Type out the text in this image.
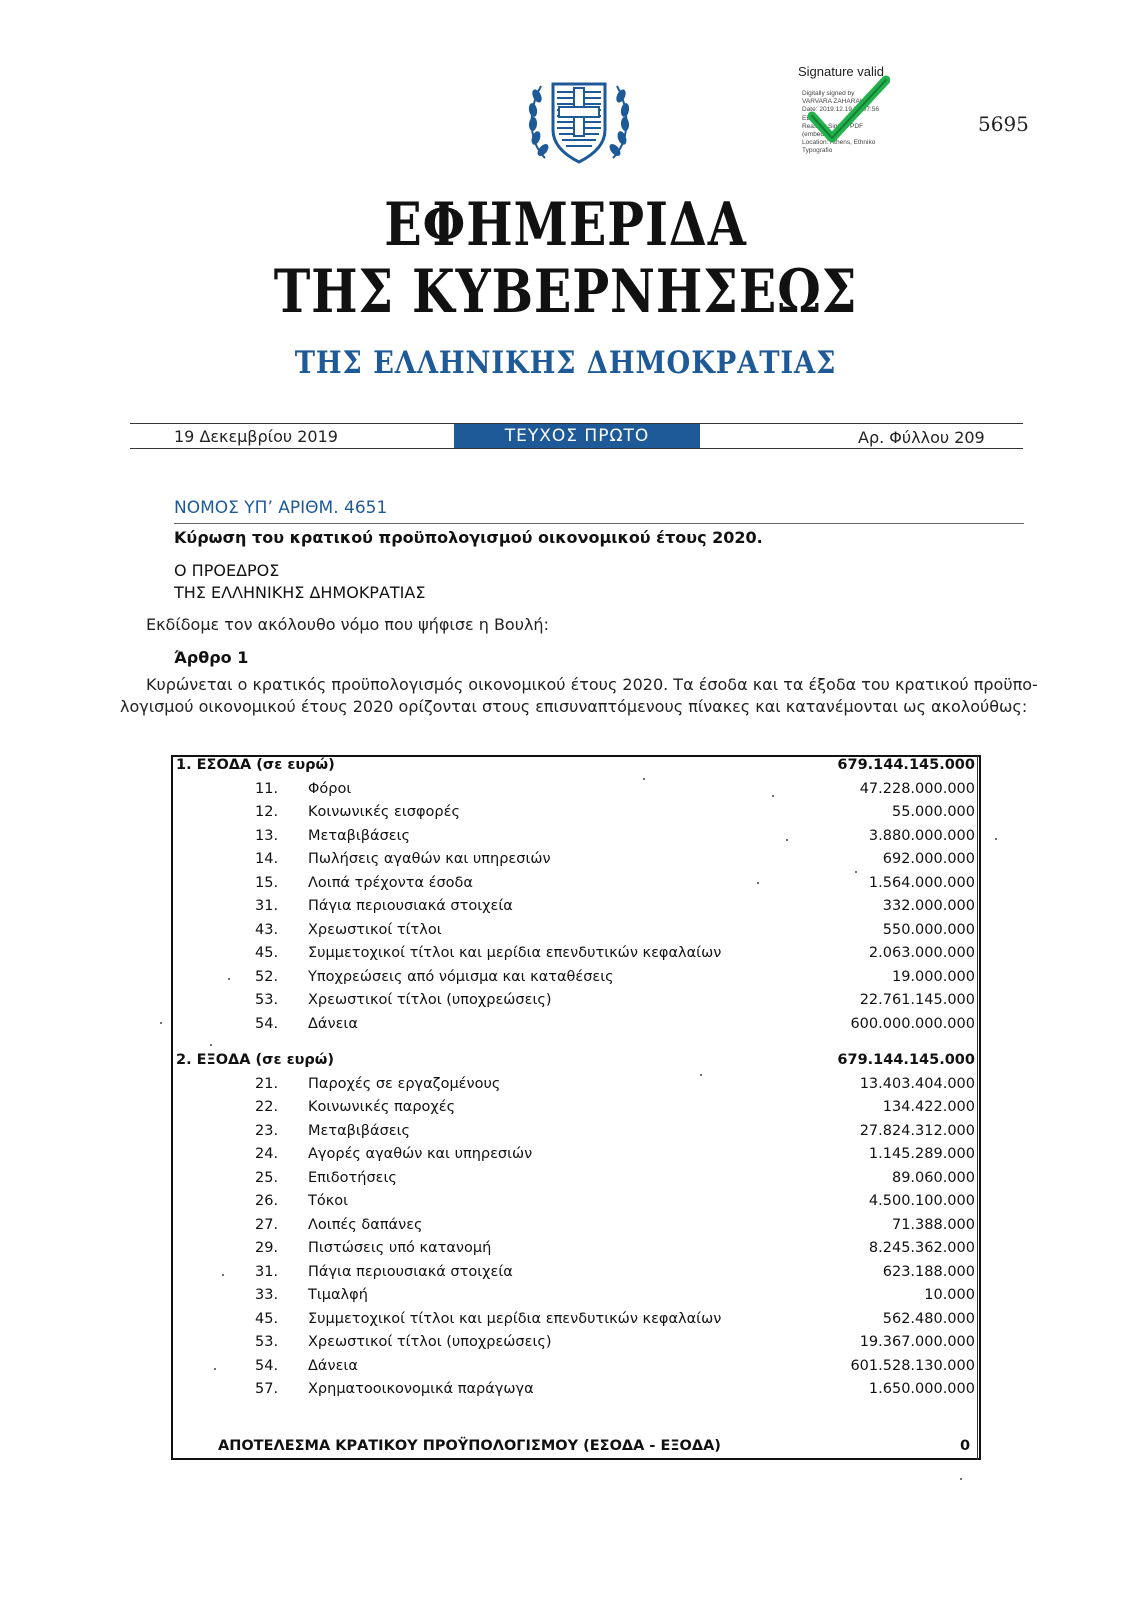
Signature valid
Digitally signed by
VARVARA ZAHARAKI
Date: 2019.12.19 21:07:56
EET
Reason: Signed PDF
(embedded)
Location: Athens, Ethniko
Typografio
5695
ΕΦΗΜΕΡΙΔΑ
ΤΗΣ ΚΥΒΕΡΝΗΣΕΩΣ
ΤΗΣ ΕΛΛΗΝΙΚΗΣ ΔΗΜΟΚΡΑΤΙΑΣ
19 Δεκεμβρίου 2019	ΤΕΥΧΟΣ ΠΡΩΤΟ	Αρ. Φύλλου 209
ΝΟΜΟΣ ΥΠ’ ΑΡΙΘΜ. 4651
Κύρωση του κρατικού προϋπολογισμού οικονομικού έτους 2020.
Ο ΠΡΟΕΔΡΟΣ
ΤΗΣ ΕΛΛΗΝΙΚΗΣ ΔΗΜΟΚΡΑΤΙΑΣ
Εκδίδομε τον ακόλουθο νόμο που ψήφισε η Βουλή:
Άρθρο 1
Κυρώνεται ο κρατικός προϋπολογισμός οικονομικού έτους 2020. Τα έσοδα και τα έξοδα του κρατικού προϋπο-
λογισμού οικονομικού έτους 2020 ορίζονται στους επισυναπτόμενους πίνακες και κατανέμονται ως ακολούθως:
1. ΕΣΟΔΑ (σε ευρώ)	679.144.145.000
11. Φόροι	47.228.000.000
12. Κοινωνικές εισφορές	55.000.000
13. Μεταβιβάσεις	3.880.000.000
14. Πωλήσεις αγαθών και υπηρεσιών	692.000.000
15. Λοιπά τρέχοντα έσοδα	1.564.000.000
31. Πάγια περιουσιακά στοιχεία	332.000.000
43. Χρεωστικοί τίτλοι	550.000.000
45. Συμμετοχικοί τίτλοι και μερίδια επενδυτικών κεφαλαίων	2.063.000.000
52. Υποχρεώσεις από νόμισμα και καταθέσεις	19.000.000
53. Χρεωστικοί τίτλοι (υποχρεώσεις)	22.761.145.000
54. Δάνεια	600.000.000.000
2. ΕΞΟΔΑ (σε ευρώ)	679.144.145.000
21. Παροχές σε εργαζομένους	13.403.404.000
22. Κοινωνικές παροχές	134.422.000
23. Μεταβιβάσεις	27.824.312.000
24. Αγορές αγαθών και υπηρεσιών	1.145.289.000
25. Επιδοτήσεις	89.060.000
26. Τόκοι	4.500.100.000
27. Λοιπές δαπάνες	71.388.000
29. Πιστώσεις υπό κατανομή	8.245.362.000
31. Πάγια περιουσιακά στοιχεία	623.188.000
33. Τιμαλφή	10.000
45. Συμμετοχικοί τίτλοι και μερίδια επενδυτικών κεφαλαίων	562.480.000
53. Χρεωστικοί τίτλοι (υποχρεώσεις)	19.367.000.000
54. Δάνεια	601.528.130.000
57. Χρηματοοικονομικά παράγωγα	1.650.000.000
ΑΠΟΤΕΛΕΣΜΑ ΚΡΑΤΙΚΟΥ ΠΡΟΫΠΟΛΟΓΙΣΜΟΥ (ΕΣΟΔΑ - ΕΞΟΔΑ)	0
